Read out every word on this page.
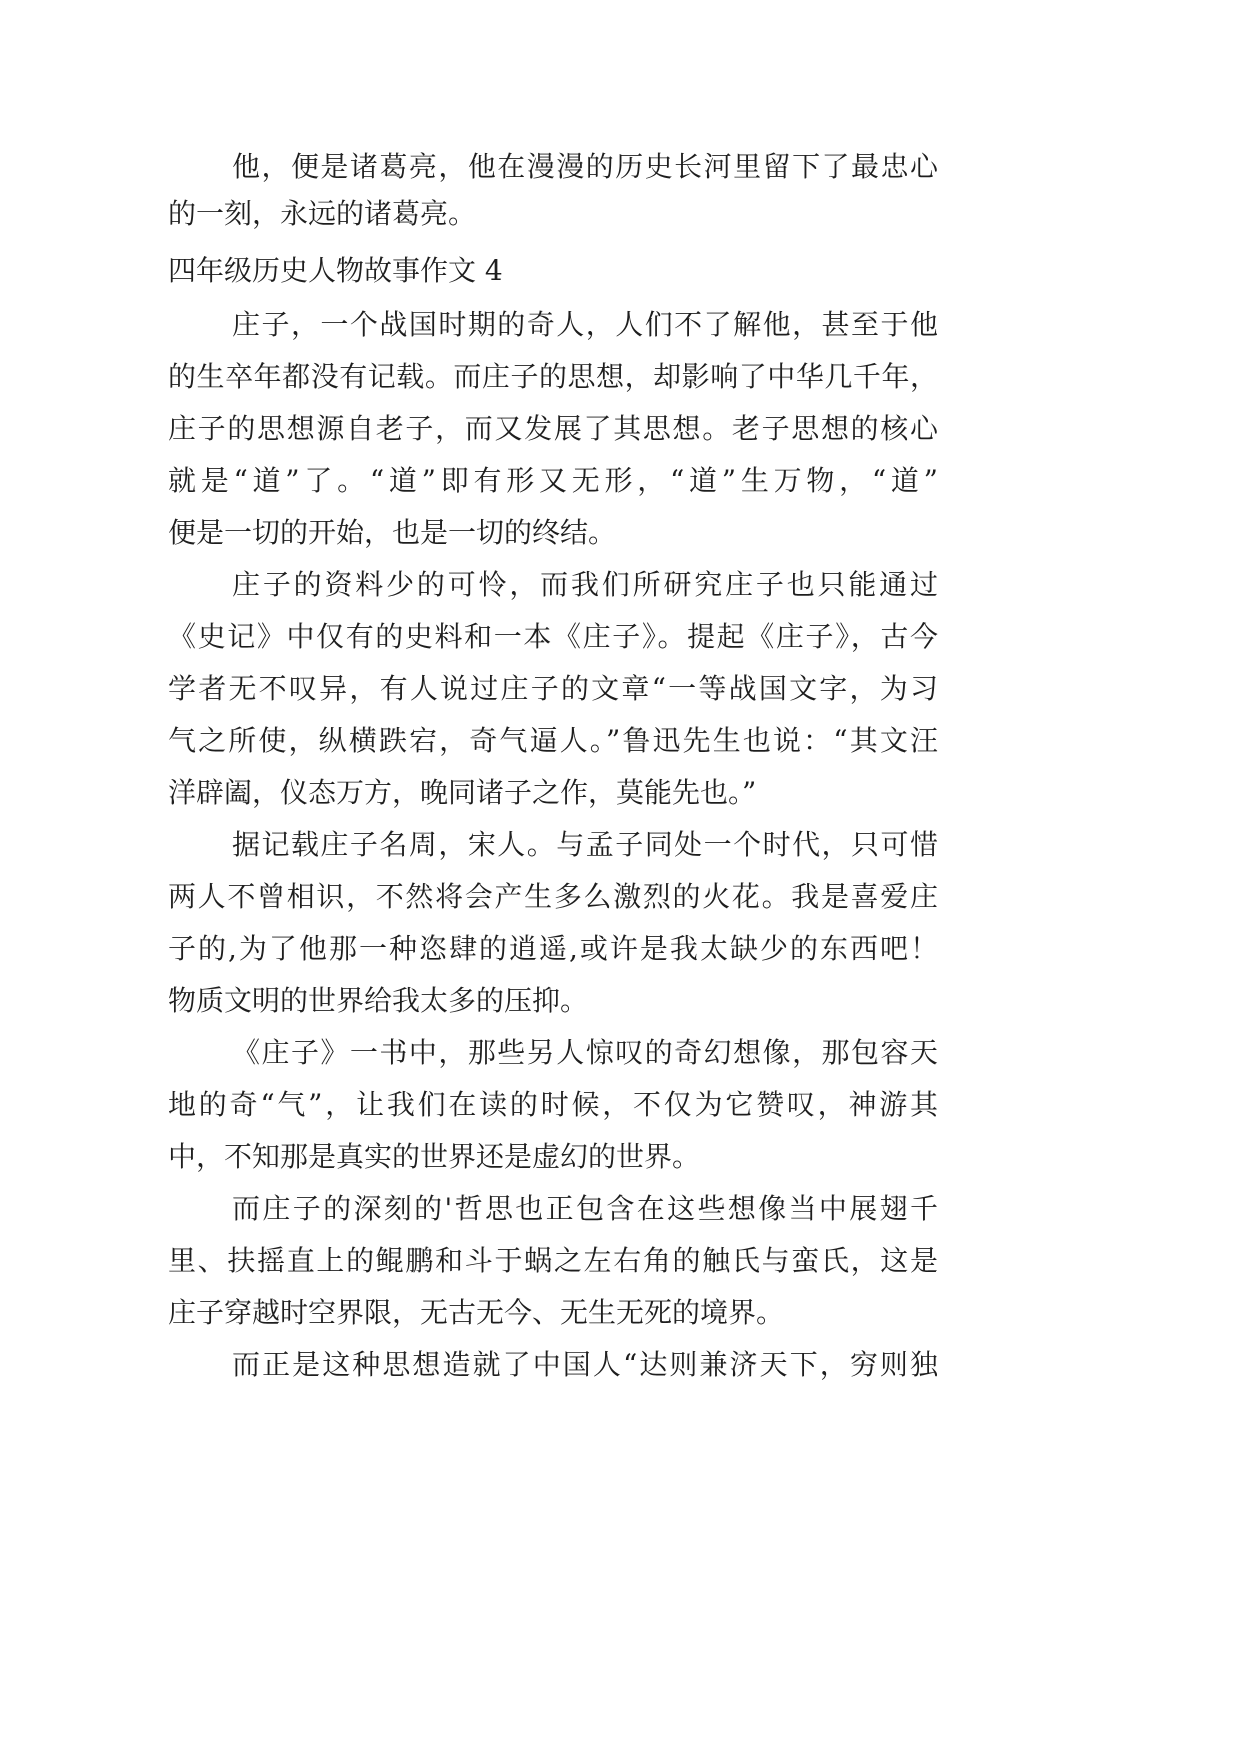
他，便是诸葛亮，他在漫漫的历史长河里留下了最忠心
的一刻，永远的诸葛亮。
四年级历史人物故事作文 4
庄子，一个战国时期的奇人，人们不了解他，甚至于他
的生卒年都没有记载。而庄子的思想，却影响了中华几千年，
庄子的思想源自老子，而又发展了其思想。老子思想的核心
就是“道”了。“道”即有形又无形，“道”生万物，“道”
便是一切的开始，也是一切的终结。
庄子的资料少的可怜，而我们所研究庄子也只能通过
《史记》中仅有的史料和一本《庄子》。提起《庄子》，古今
学者无不叹异，有人说过庄子的文章“一等战国文字，为习
气之所使，纵横跌宕，奇气逼人。”鲁迅先生也说：“其文汪
洋辟阖，仪态万方，晚同诸子之作，莫能先也。”
据记载庄子名周，宋人。与孟子同处一个时代，只可惜
两人不曾相识，不然将会产生多么激烈的火花。我是喜爱庄
子的,为了他那一种恣肆的逍遥,或许是我太缺少的东西吧！
物质文明的世界给我太多的压抑。
《庄子》一书中，那些另人惊叹的奇幻想像，那包容天
地的奇“气”，让我们在读的时候，不仅为它赞叹，神游其
中，不知那是真实的世界还是虚幻的世界。
而庄子的深刻的'哲思也正包含在这些想像当中展翅千
里、扶摇直上的鲲鹏和斗于蜗之左右角的触氏与蛮氏，这是
庄子穿越时空界限，无古无今、无生无死的境界。
而正是这种思想造就了中国人“达则兼济天下，穷则独
